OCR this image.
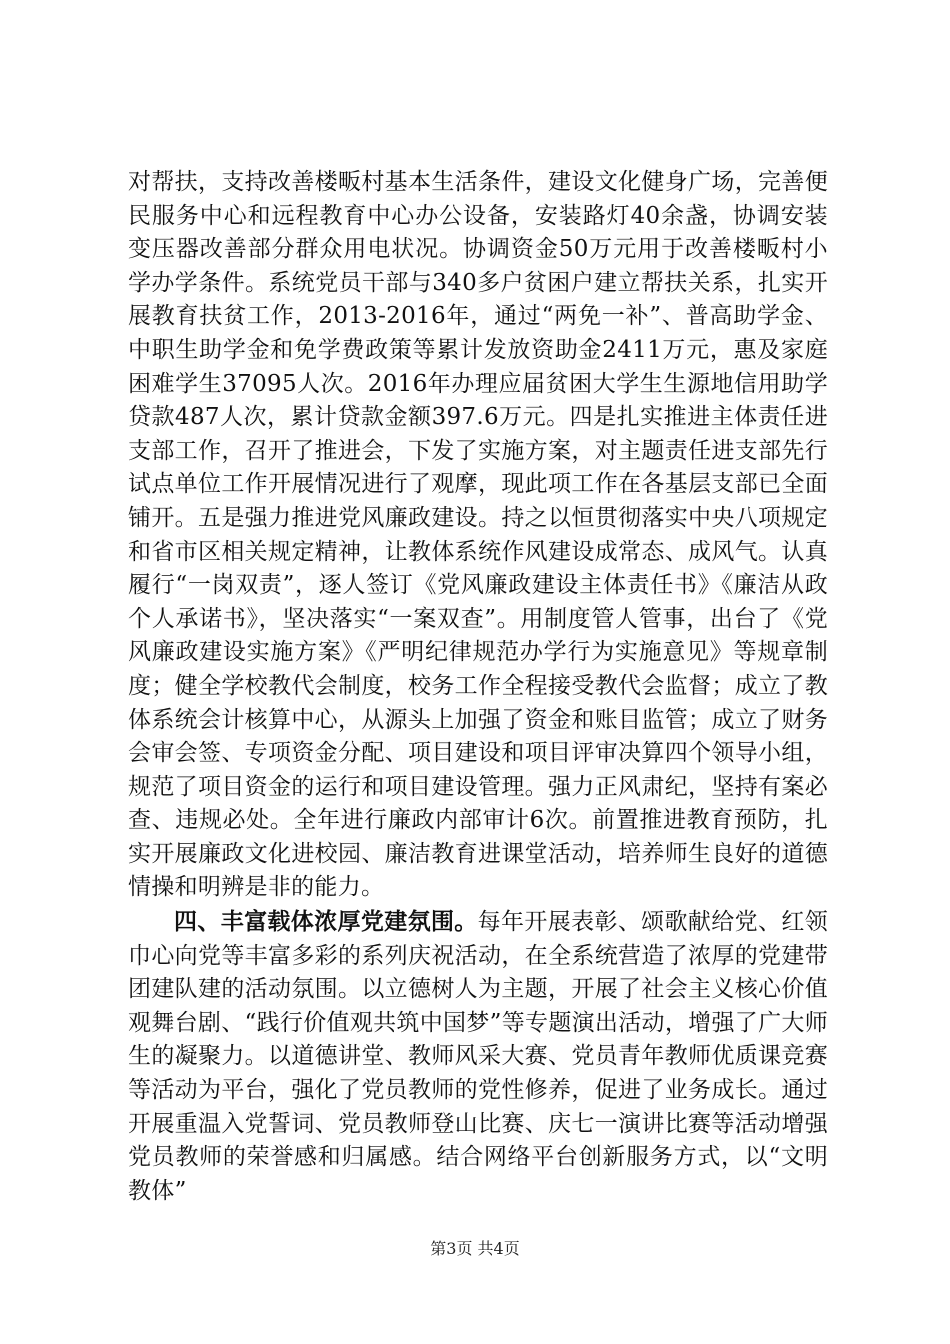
对帮扶，支持改善楼畈村基本生活条件，建设文化健身广场，完善便民服务中心和远程教育中心办公设备，安装路灯40余盏，协调安装变压器改善部分群众用电状况。协调资金50万元用于改善楼畈村小学办学条件。系统党员干部与340多户贫困户建立帮扶关系，扎实开展教育扶贫工作，2013-2016年，通过“两免一补”、普高助学金、中职生助学金和免学费政策等累计发放资助金2411万元，惠及家庭困难学生37095人次。2016年办理应届贫困大学生生源地信用助学贷款487人次，累计贷款金额397.6万元。四是扎实推进主体责任进支部工作，召开了推进会，下发了实施方案，对主题责任进支部先行试点单位工作开展情况进行了观摩，现此项工作在各基层支部已全面铺开。五是强力推进党风廉政建设。持之以恒贯彻落实中央八项规定和省市区相关规定精神，让教体系统作风建设成常态、成风气。认真履行“一岗双责”，逐人签订《党风廉政建设主体责任书》《廉洁从政个人承诺书》，坚决落实“一案双查”。用制度管人管事，出台了《党风廉政建设实施方案》《严明纪律规范办学行为实施意见》等规章制度；健全学校教代会制度，校务工作全程接受教代会监督；成立了教体系统会计核算中心，从源头上加强了资金和账目监管；成立了财务会审会签、专项资金分配、项目建设和项目评审决算四个领导小组，规范了项目资金的运行和项目建设管理。强力正风肃纪，坚持有案必查、违规必处。全年进行廉政内部审计6次。前置推进教育预防，扎实开展廉政文化进校园、廉洁教育进课堂活动，培养师生良好的道德情操和明辨是非的能力。

四、丰富载体浓厚党建氛围。每年开展表彰、颂歌献给党、红领巾心向党等丰富多彩的系列庆祝活动，在全系统营造了浓厚的党建带团建队建的活动氛围。以立德树人为主题，开展了社会主义核心价值观舞台剧、“践行价值观共筑中国梦”等专题演出活动，增强了广大师生的凝聚力。以道德讲堂、教师风采大赛、党员青年教师优质课竞赛等活动为平台，强化了党员教师的党性修养，促进了业务成长。通过开展重温入党誓词、党员教师登山比赛、庆七一演讲比赛等活动增强党员教师的荣誉感和归属感。结合网络平台创新服务方式，以“文明教体”

第3页 共4页
